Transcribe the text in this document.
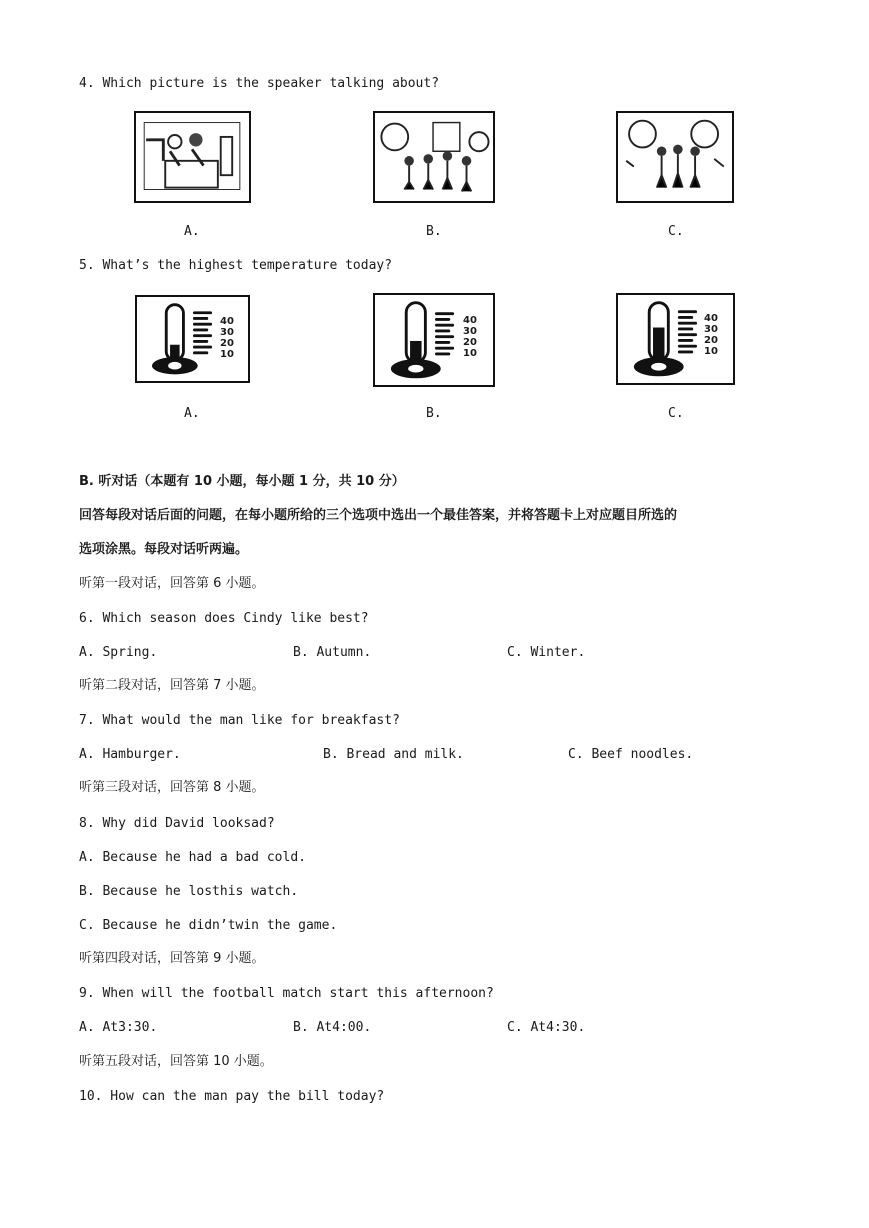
4. Which picture is the speaker talking about?
A.	B.	C.
5. What’s the highest temperature today?
40
30
20
10
40
30
20
10
40
30
20
10
A.	B.	C.
B. 听对话（本题有 10 小题，每小题 1 分，共 10 分）
回答每段对话后面的问题，在每小题所给的三个选项中选出一个最佳答案，并将答题卡上对应题目所选的
选项涂黑。每段对话听两遍。
听第一段对话，回答第 6 小题。
6. Which season does Cindy like best?
A. Spring.	B. Autumn.	C. Winter.
听第二段对话，回答第 7 小题。
7. What would the man like for breakfast?
A. Hamburger.	B. Bread and milk.	C. Beef noodles.
听第三段对话，回答第 8 小题。
8. Why did David looksad?
A. Because he had a bad cold.
B. Because he losthis watch.
C. Because he didn’twin the game.
听第四段对话，回答第 9 小题。
9. When will the football match start this afternoon?
A. At3:30.	B. At4:00.	C. At4:30.
听第五段对话，回答第 10 小题。
10. How can the man pay the bill today?
